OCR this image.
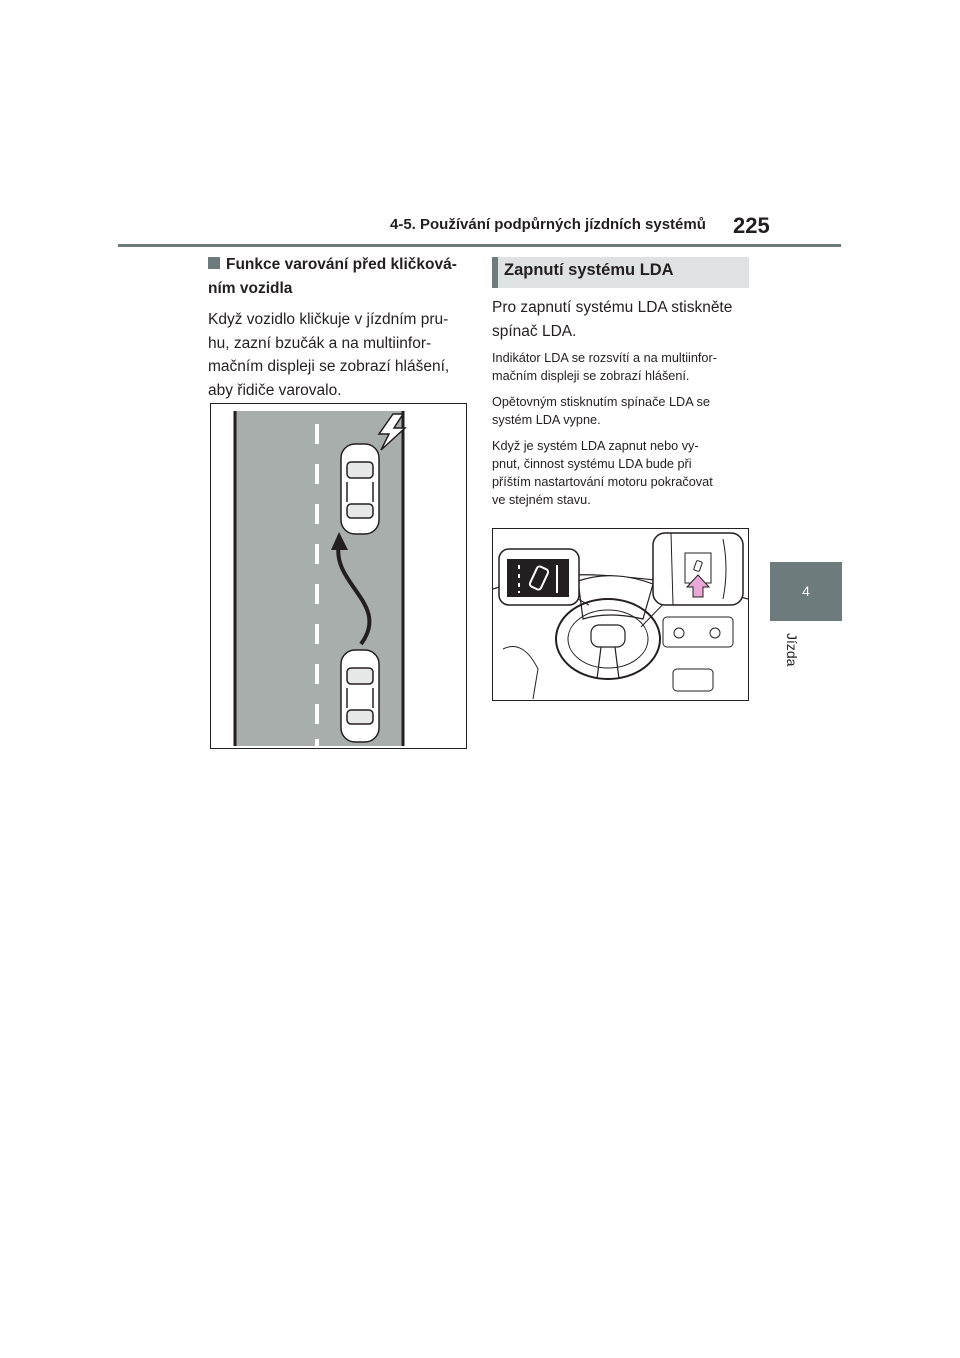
4-5. Používání podpůrných jízdních systémů 225
4
Jízda
Funkce varování před kličková-
ním vozidla
Když vozidlo kličkuje v jízdním pru-
hu, zazní bzučák a na multiinfor-
mačním displeji se zobrazí hlášení,
aby řidiče varovalo.
Zapnutí systému LDA
Pro zapnutí systému LDA stiskněte
spínač LDA.
Indikátor LDA se rozsvítí a na multiinfor-
mačním displeji se zobrazí hlášení.
Opětovným stisknutím spínače LDA se
systém LDA vypne.
Když je systém LDA zapnut nebo vy-
pnut, činnost systému LDA bude při
příštím nastartování motoru pokračovat
ve stejném stavu.
